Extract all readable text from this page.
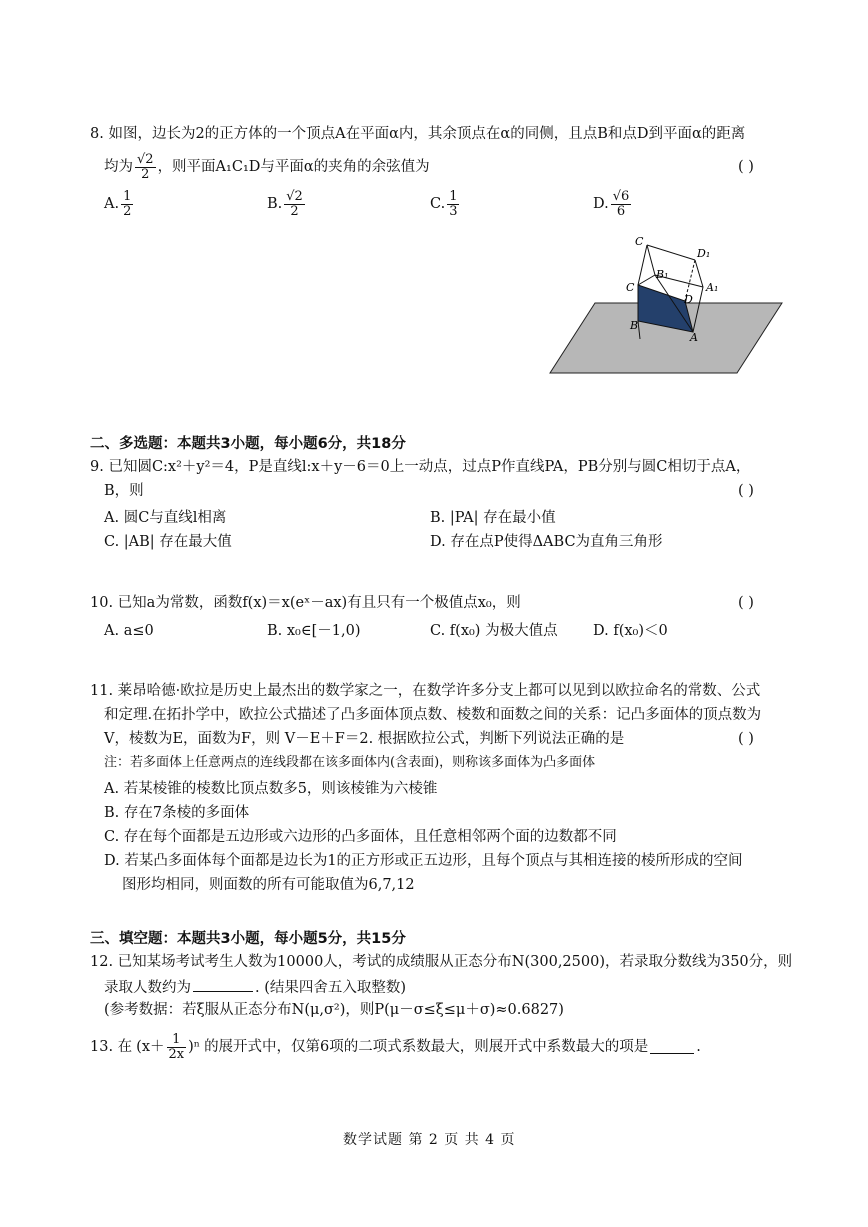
8. 如图，边长为2的正方体的一个顶点A在平面α内，其余顶点在α的同侧，且点B和点D到平面α的距离
均为 $\frac{√2}{2}$ ，则平面A₁C₁D与平面α的夹角的余弦值为	( )
A. $\frac{1}{2}$	B. $\frac{√2}{2}$	C. $\frac{1}{3}$	D. $\frac{√6}{6}$
C
D₁
B₁
A₁
C
D
B
A
二、多选题：本题共3小题，每小题6分，共18分
9. 已知圆C:x²＋y²＝4，P是直线l:x＋y－6＝0上一动点，过点P作直线PA，PB分别与圆C相切于点A，
B，则	( )
A. 圆C与直线l相离	B. |PA| 存在最小值
C. |AB| 存在最大值	D. 存在点P使得ΔABC为直角三角形
10. 已知a为常数，函数f(x)＝x(eˣ－ax)有且只有一个极值点x₀，则	( )
A. a≤0	B. x₀∈[－1,0)	C. f(x₀) 为极大值点 D. f(x₀)＜0
11. 莱昂哈德·欧拉是历史上最杰出的数学家之一，在数学许多分支上都可以见到以欧拉命名的常数、公式
和定理.在拓扑学中，欧拉公式描述了凸多面体顶点数、棱数和面数之间的关系：记凸多面体的顶点数为
V，棱数为E，面数为F，则 V－E＋F＝2. 根据欧拉公式，判断下列说法正确的是	( )
注：若多面体上任意两点的连线段都在该多面体内(含表面)，则称该多面体为凸多面体
A. 若某棱锥的棱数比顶点数多5，则该棱锥为六棱锥
B. 存在7条棱的多面体
C. 存在每个面都是五边形或六边形的凸多面体，且任意相邻两个面的边数都不同
D. 若某凸多面体每个面都是边长为1的正方形或正五边形，且每个顶点与其相连接的棱所形成的空间
图形均相同，则面数的所有可能取值为6,7,12
三、填空题：本题共3小题，每小题5分，共15分
12. 已知某场考试考生人数为10000人，考试的成绩服从正态分布N(300,2500)，若录取分数线为350分，则
录取人数约为	. (结果四舍五入取整数)
(参考数据：若ξ服从正态分布N(μ,σ²)，则P(μ－σ≤ξ≤μ＋σ)≈0.6827)
13. 在 $(x+ \frac{1}{2x} )^n$ 的展开式中，仅第6项的二项式系数最大，则展开式中系数最大的项是	.
数学试题 第 2 页 共 4 页
